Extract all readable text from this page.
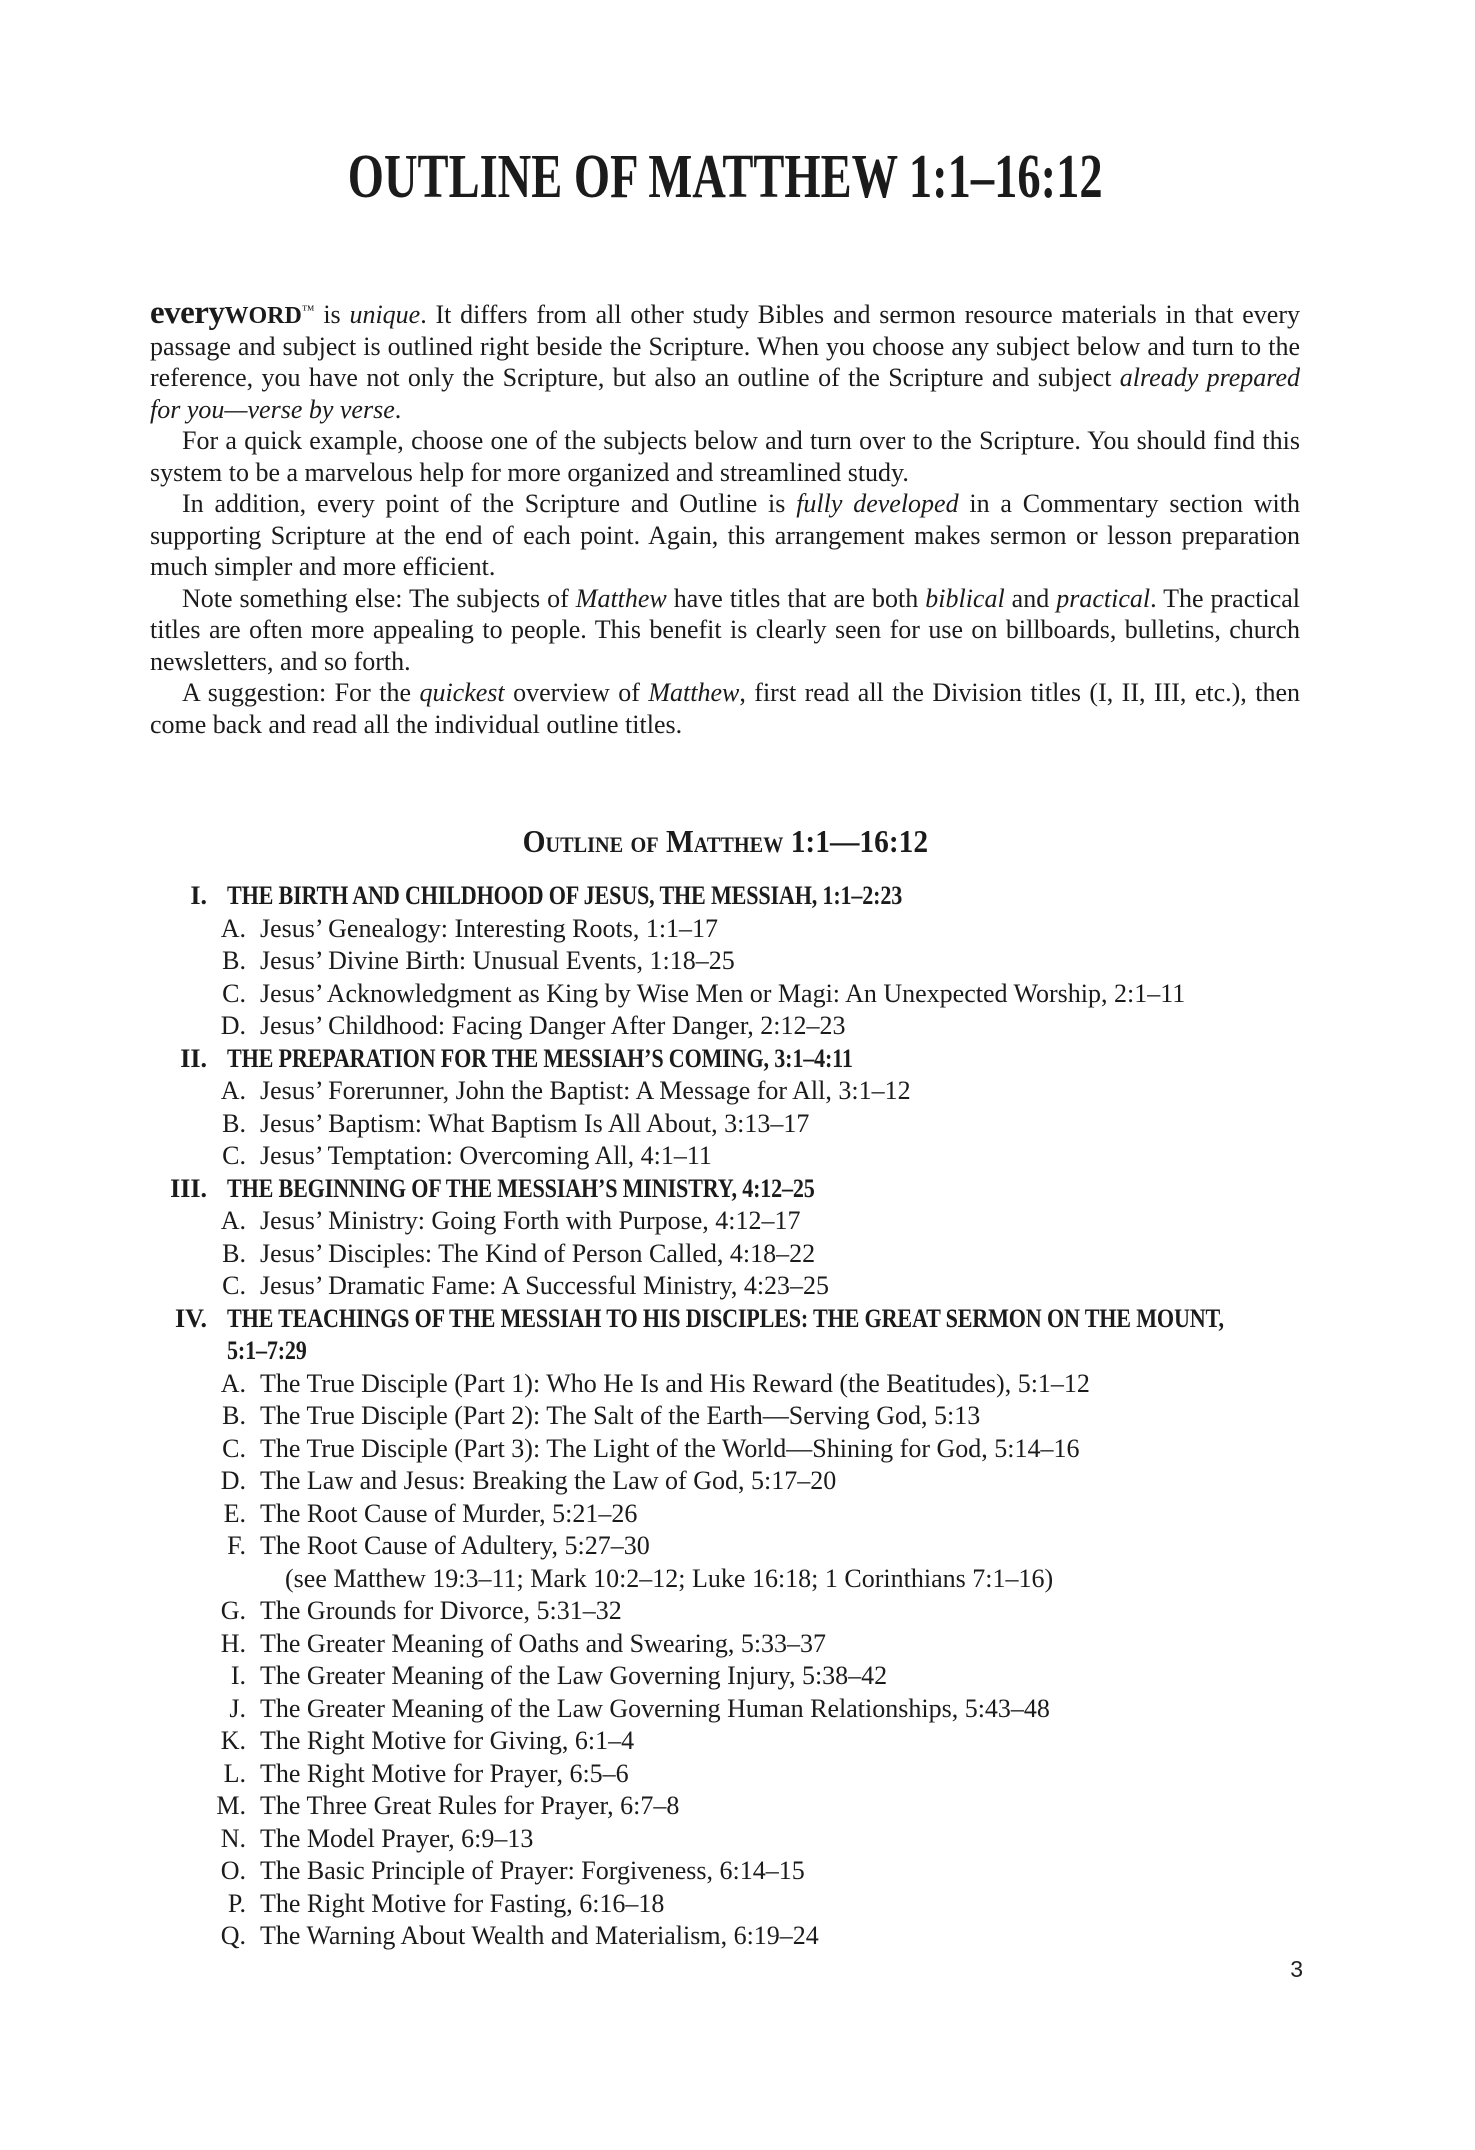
OUTLINE OF MATTHEW 1:1–16:12

everyWORD™ is unique. It differs from all other study Bibles and sermon resource materials in that every passage and subject is outlined right beside the Scripture. When you choose any subject below and turn to the reference, you have not only the Scripture, but also an outline of the Scripture and subject already prepared for you—verse by verse.

For a quick example, choose one of the subjects below and turn over to the Scripture. You should find this system to be a marvelous help for more organized and streamlined study.

In addition, every point of the Scripture and Outline is fully developed in a Commentary section with supporting Scripture at the end of each point. Again, this arrangement makes sermon or lesson preparation much simpler and more efficient.

Note something else: The subjects of Matthew have titles that are both biblical and practical. The practical titles are often more appealing to people. This benefit is clearly seen for use on billboards, bulletins, church newsletters, and so forth.

A suggestion: For the quickest overview of Matthew, first read all the Division titles (I, II, III, etc.), then come back and read all the individual outline titles.

Outline of Matthew 1:1—16:12
I. THE BIRTH AND CHILDHOOD OF JESUS, THE MESSIAH, 1:1–2:23
A. Jesus’ Genealogy: Interesting Roots, 1:1–17
B. Jesus’ Divine Birth: Unusual Events, 1:18–25
C. Jesus’ Acknowledgment as King by Wise Men or Magi: An Unexpected Worship, 2:1–11
D. Jesus’ Childhood: Facing Danger After Danger, 2:12–23
II. THE PREPARATION FOR THE MESSIAH’S COMING, 3:1–4:11
A. Jesus’ Forerunner, John the Baptist: A Message for All, 3:1–12
B. Jesus’ Baptism: What Baptism Is All About, 3:13–17
C. Jesus’ Temptation: Overcoming All, 4:1–11
III. THE BEGINNING OF THE MESSIAH’S MINISTRY, 4:12–25
A. Jesus’ Ministry: Going Forth with Purpose, 4:12–17
B. Jesus’ Disciples: The Kind of Person Called, 4:18–22
C. Jesus’ Dramatic Fame: A Successful Ministry, 4:23–25
IV. THE TEACHINGS OF THE MESSIAH TO HIS DISCIPLES: THE GREAT SERMON ON THE MOUNT,
5:1–7:29
A. The True Disciple (Part 1): Who He Is and His Reward (the Beatitudes), 5:1–12
B. The True Disciple (Part 2): The Salt of the Earth—Serving God, 5:13
C. The True Disciple (Part 3): The Light of the World—Shining for God, 5:14–16
D. The Law and Jesus: Breaking the Law of God, 5:17–20
E. The Root Cause of Murder, 5:21–26
F. The Root Cause of Adultery, 5:27–30
(see Matthew 19:3–11; Mark 10:2–12; Luke 16:18; 1 Corinthians 7:1–16)
G. The Grounds for Divorce, 5:31–32
H. The Greater Meaning of Oaths and Swearing, 5:33–37
I. The Greater Meaning of the Law Governing Injury, 5:38–42
J. The Greater Meaning of the Law Governing Human Relationships, 5:43–48
K. The Right Motive for Giving, 6:1–4
L. The Right Motive for Prayer, 6:5–6
M. The Three Great Rules for Prayer, 6:7–8
N. The Model Prayer, 6:9–13
O. The Basic Principle of Prayer: Forgiveness, 6:14–15
P. The Right Motive for Fasting, 6:16–18
Q. The Warning About Wealth and Materialism, 6:19–24
3
